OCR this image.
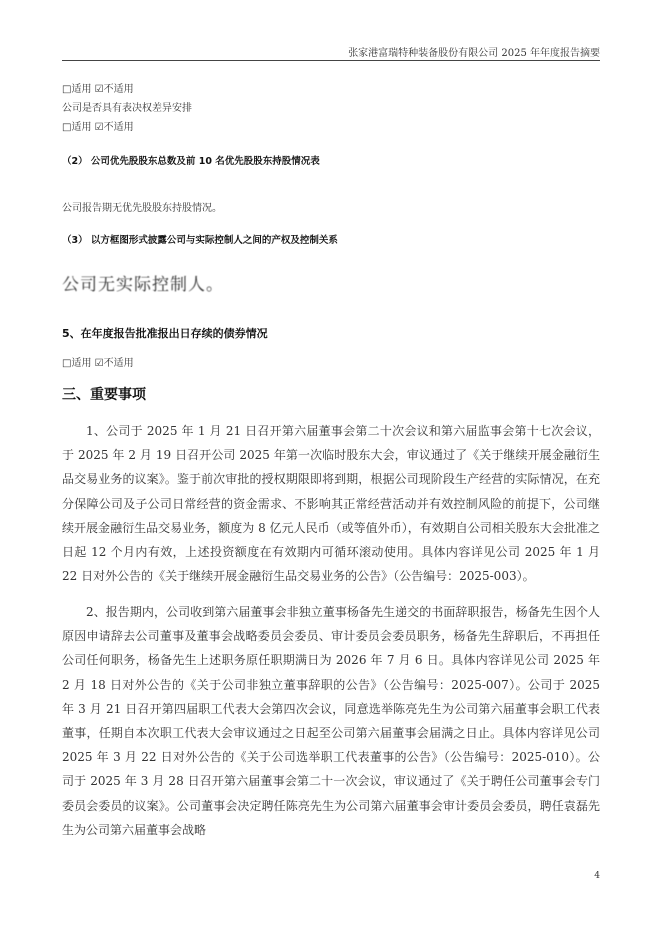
张家港富瑞特种装备股份有限公司 2025 年年度报告摘要
□适用 ☑不适用
公司是否具有表决权差异安排
□适用 ☑不适用
（2） 公司优先股股东总数及前 10 名优先股股东持股情况表
公司报告期无优先股股东持股情况。
（3） 以方框图形式披露公司与实际控制人之间的产权及控制关系
公司无实际控制人。
5、在年度报告批准报出日存续的债券情况
□适用 ☑不适用
三、重要事项
1、公司于 2025 年 1 月 21 日召开第六届董事会第二十次会议和第六届监事会第十七次会议，于 2025 年 2 月 19 日召开公司 2025 年第一次临时股东大会，审议通过了《关于继续开展金融衍生品交易业务的议案》。鉴于前次审批的授权期限即将到期，根据公司现阶段生产经营的实际情况，在充分保障公司及子公司日常经营的资金需求、不影响其正常经营活动并有效控制风险的前提下，公司继续开展金融衍生品交易业务，额度为 8 亿元人民币（或等值外币），有效期自公司相关股东大会批准之日起 12 个月内有效，上述投资额度在有效期内可循环滚动使用。具体内容详见公司 2025 年 1 月 22 日对外公告的《关于继续开展金融衍生品交易业务的公告》（公告编号：2025-003）。
2、报告期内，公司收到第六届董事会非独立董事杨备先生递交的书面辞职报告，杨备先生因个人原因申请辞去公司董事及董事会战略委员会委员、审计委员会委员职务，杨备先生辞职后，不再担任公司任何职务，杨备先生上述职务原任职期满日为 2026 年 7 月 6 日。具体内容详见公司 2025 年 2 月 18 日对外公告的《关于公司非独立董事辞职的公告》（公告编号：2025-007）。公司于 2025 年 3 月 21 日召开第四届职工代表大会第四次会议，同意选举陈亮先生为公司第六届董事会职工代表董事，任期自本次职工代表大会审议通过之日起至公司第六届董事会届满之日止。具体内容详见公司 2025 年 3 月 22 日对外公告的《关于公司选举职工代表董事的公告》（公告编号：2025-010）。公司于 2025 年 3 月 28 日召开第六届董事会第二十一次会议，审议通过了《关于聘任公司董事会专门委员会委员的议案》。公司董事会决定聘任陈亮先生为公司第六届董事会审计委员会委员，聘任袁磊先生为公司第六届董事会战略
4
